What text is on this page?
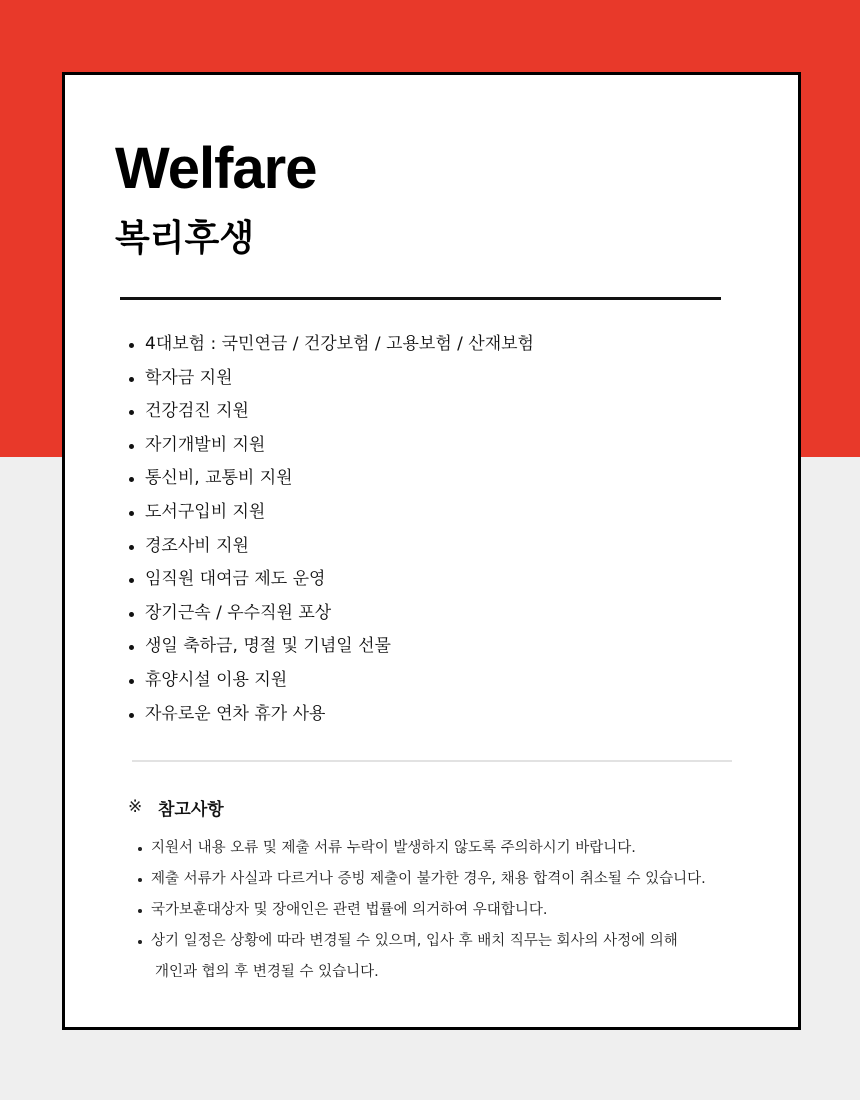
Welfare
복리후생
4대보험 : 국민연금 / 건강보험 / 고용보험 / 산재보험
학자금 지원
건강검진 지원
자기개발비 지원
통신비, 교통비 지원
도서구입비 지원
경조사비 지원
임직원 대여금 제도 운영
장기근속 / 우수직원 포상
생일 축하금, 명절 및 기념일 선물
휴양시설 이용 지원
자유로운 연차 휴가 사용
※ 참고사항
지원서 내용 오류 및 제출 서류 누락이 발생하지 않도록 주의하시기 바랍니다.
제출 서류가 사실과 다르거나 증빙 제출이 불가한 경우, 채용 합격이 취소될 수 있습니다.
국가보훈대상자 및 장애인은 관련 법률에 의거하여 우대합니다.
상기 일정은 상황에 따라 변경될 수 있으며, 입사 후 배치 직무는 회사의 사정에 의해
개인과 협의 후 변경될 수 있습니다.
